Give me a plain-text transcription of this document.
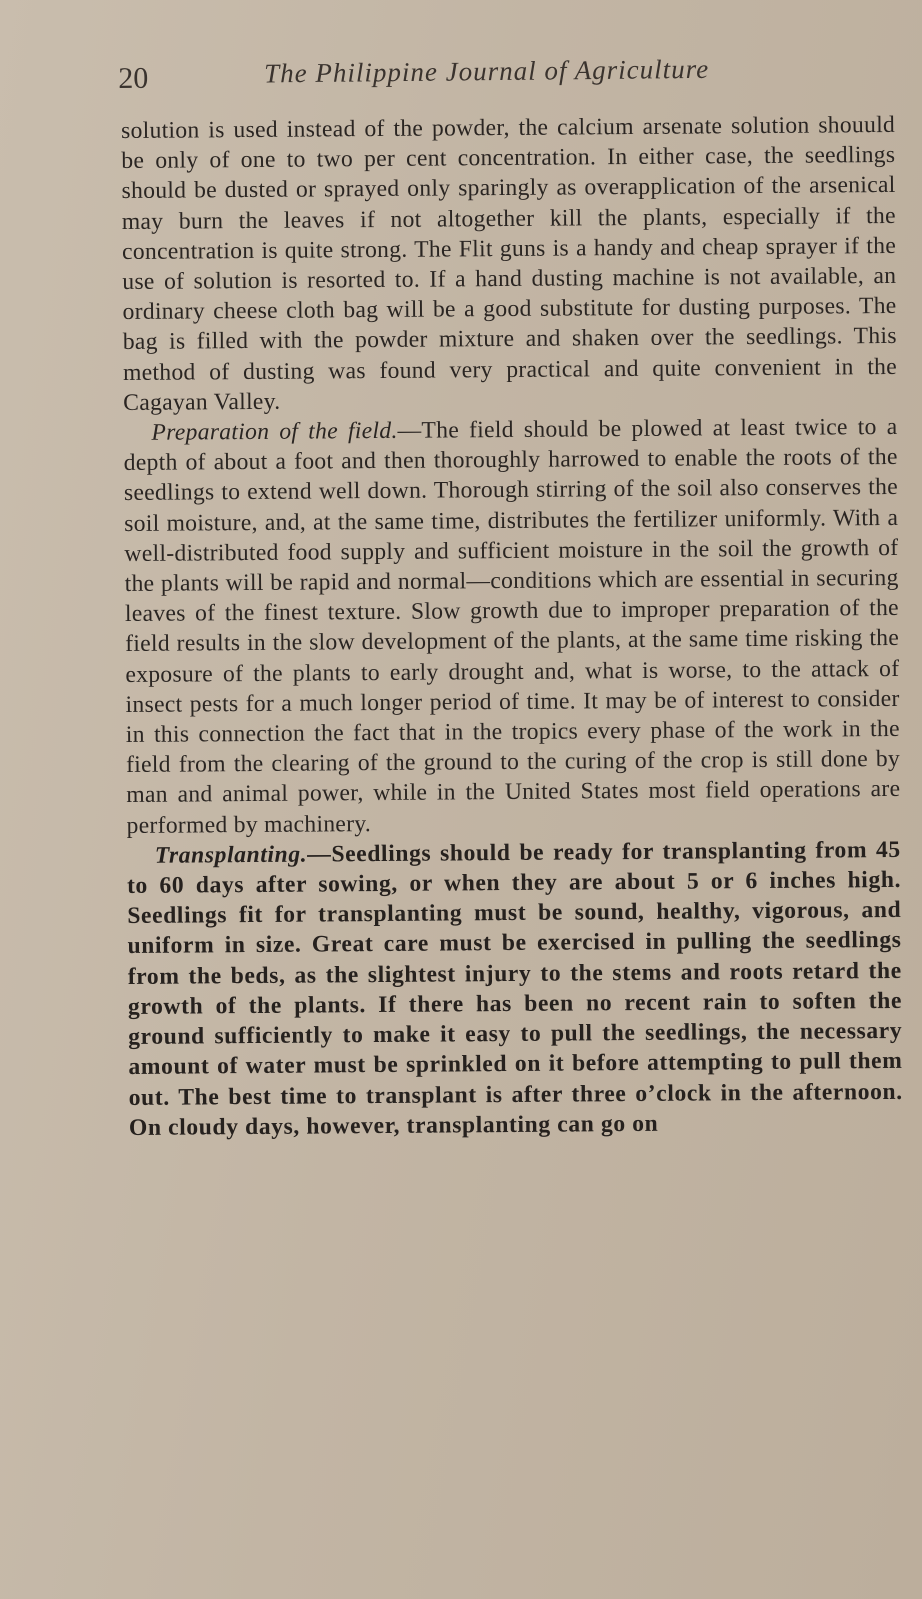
20	The Philippine Journal of Agriculture

solution is used instead of the powder, the calcium arsenate solution shouuld be only of one to two per cent concentration. In either case, the seedlings should be dusted or sprayed only sparingly as overapplication of the arsenical may burn the leaves if not altogether kill the plants, especially if the concentration is quite strong. The Flit guns is a handy and cheap sprayer if the use of solution is resorted to. If a hand dusting machine is not available, an ordinary cheese cloth bag will be a good substitute for dusting purposes. The bag is filled with the powder mixture and shaken over the seedlings. This method of dusting was found very practical and quite convenient in the Cagayan Valley.

Preparation of the field.—The field should be plowed at least twice to a depth of about a foot and then thoroughly harrowed to enable the roots of the seedlings to extend well down. Thorough stirring of the soil also conserves the soil moisture, and, at the same time, distributes the fertilizer uniformly. With a well-distributed food supply and sufficient moisture in the soil the growth of the plants will be rapid and normal—conditions which are essential in securing leaves of the finest texture. Slow growth due to improper preparation of the field results in the slow development of the plants, at the same time risking the exposure of the plants to early drought and, what is worse, to the attack of insect pests for a much longer period of time. It may be of interest to consider in this connection the fact that in the tropics every phase of the work in the field from the clearing of the ground to the curing of the crop is still done by man and animal power, while in the United States most field operations are performed by machinery.

Transplanting.—Seedlings should be ready for transplanting from 45 to 60 days after sowing, or when they are about 5 or 6 inches high. Seedlings fit for transplanting must be sound, healthy, vigorous, and uniform in size. Great care must be exercised in pulling the seedlings from the beds, as the slightest injury to the stems and roots retard the growth of the plants. If there has been no recent rain to soften the ground sufficiently to make it easy to pull the seedlings, the necessary amount of water must be sprinkled on it before attempting to pull them out. The best time to transplant is after three o’clock in the afternoon. On cloudy days, however, transplanting can go on
